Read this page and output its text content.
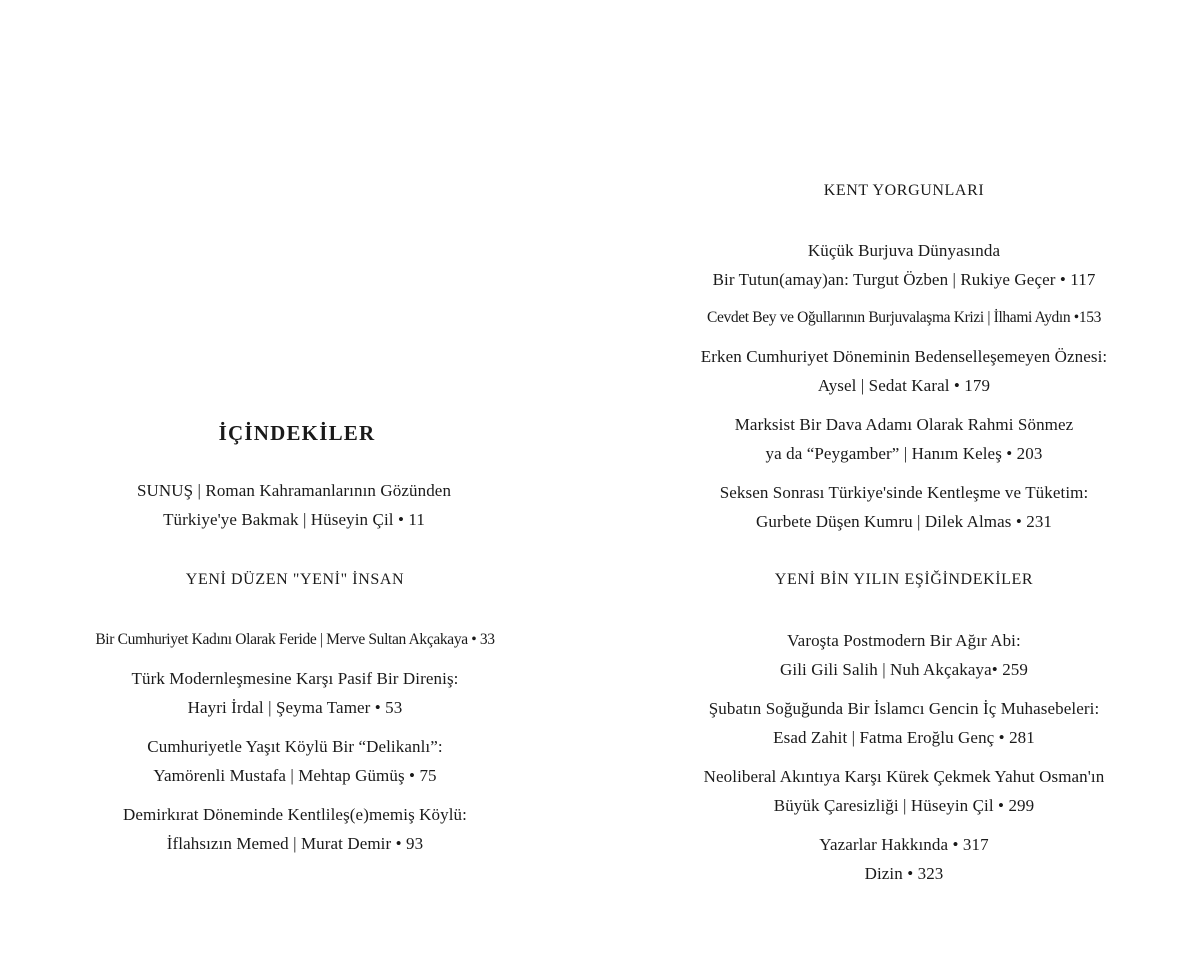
İÇİNDEKİLER
SUNUŞ | Roman Kahramanlarının Gözünden
Türkiye'ye Bakmak | Hüseyin Çil • 11
YENİ DÜZEN "YENİ" İNSAN
Bir Cumhuriyet Kadını Olarak Feride | Merve Sultan Akçakaya • 33
Türk Modernleşmesine Karşı Pasif Bir Direniş:
Hayri İrdal | Şeyma Tamer • 53
Cumhuriyetle Yaşıt Köylü Bir “Delikanlı”:
Yamörenli Mustafa | Mehtap Gümüş • 75
Demirkırat Döneminde Kentlileş(e)memiş Köylü:
İflahsızın Memed | Murat Demir • 93
KENT YORGUNLARI
Küçük Burjuva Dünyasında
Bir Tutun(amay)an: Turgut Özben | Rukiye Geçer • 117
Cevdet Bey ve Oğullarının Burjuvalaşma Krizi | İlhami Aydın •153
Erken Cumhuriyet Döneminin Bedenselleşemeyen Öznesi:
Aysel | Sedat Karal • 179
Marksist Bir Dava Adamı Olarak Rahmi Sönmez
ya da “Peygamber” | Hanım Keleş • 203
Seksen Sonrası Türkiye'sinde Kentleşme ve Tüketim:
Gurbete Düşen Kumru | Dilek Almas • 231
YENİ BİN YILIN EŞİĞİNDEKİLER
Varoşta Postmodern Bir Ağır Abi:
Gili Gili Salih | Nuh Akçakaya• 259
Şubatın Soğuğunda Bir İslamcı Gencin İç Muhasebeleri:
Esad Zahit | Fatma Eroğlu Genç • 281
Neoliberal Akıntıya Karşı Kürek Çekmek Yahut Osman'ın
Büyük Çaresizliği | Hüseyin Çil • 299
Yazarlar Hakkında • 317
Dizin • 323
